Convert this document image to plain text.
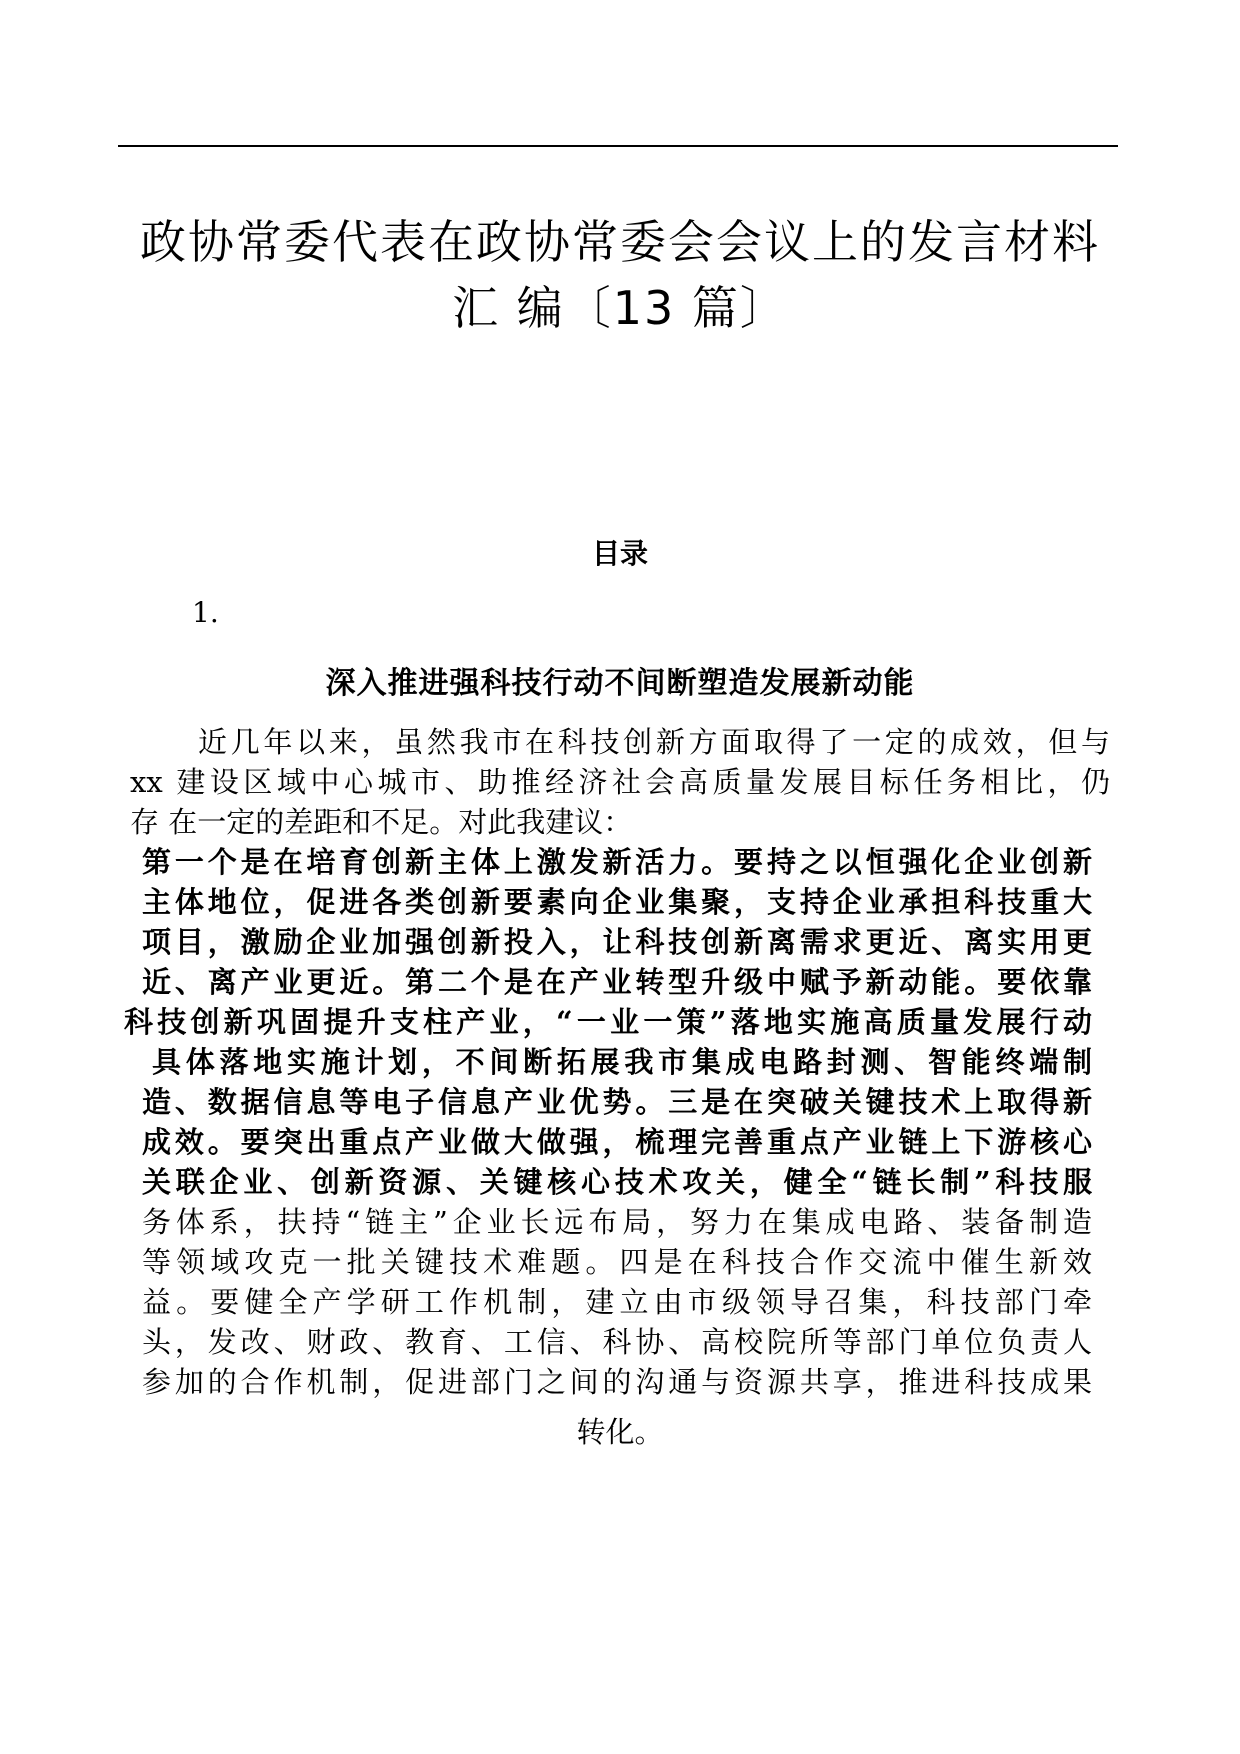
政协常委代表在政协常委会会议上的发言材料
汇 编〔13 篇〕
目录

1.

深入推进强科技行动不间断塑造发展新动能

近几年以来，虽然我市在科技创新方面取得了一定的成效，但与

xx 建设区域中心城市、助推经济社会高质量发展目标任务相比，仍

存 在一定的差距和不足。对此我建议：

第一个是在培育创新主体上激发新活力。要持之以恒强化企业创新

主体地位，促进各类创新要素向企业集聚，支持企业承担科技重大

项目，激励企业加强创新投入，让科技创新离需求更近、离实用更

近、离产业更近。第二个是在产业转型升级中赋予新动能。要依靠

科技创新巩固提升支柱产业，“一业一策”落地实施高质量发展行动

具体落地实施计划，不间断拓展我市集成电路封测、智能终端制

造、数据信息等电子信息产业优势。三是在突破关键技术上取得新

成效。要突出重点产业做大做强，梳理完善重点产业链上下游核心

关联企业、创新资源、关键核心技术攻关，健全“链长制”科技服

务体系，扶持“链主”企业长远布局，努力在集成电路、装备制造

等领域攻克一批关键技术难题。四是在科技合作交流中催生新效

益。要健全产学研工作机制，建立由市级领导召集，科技部门牵

头，发改、财政、教育、工信、科协、高校院所等部门单位负责人

参加的合作机制，促进部门之间的沟通与资源共享，推进科技成果

转化。
